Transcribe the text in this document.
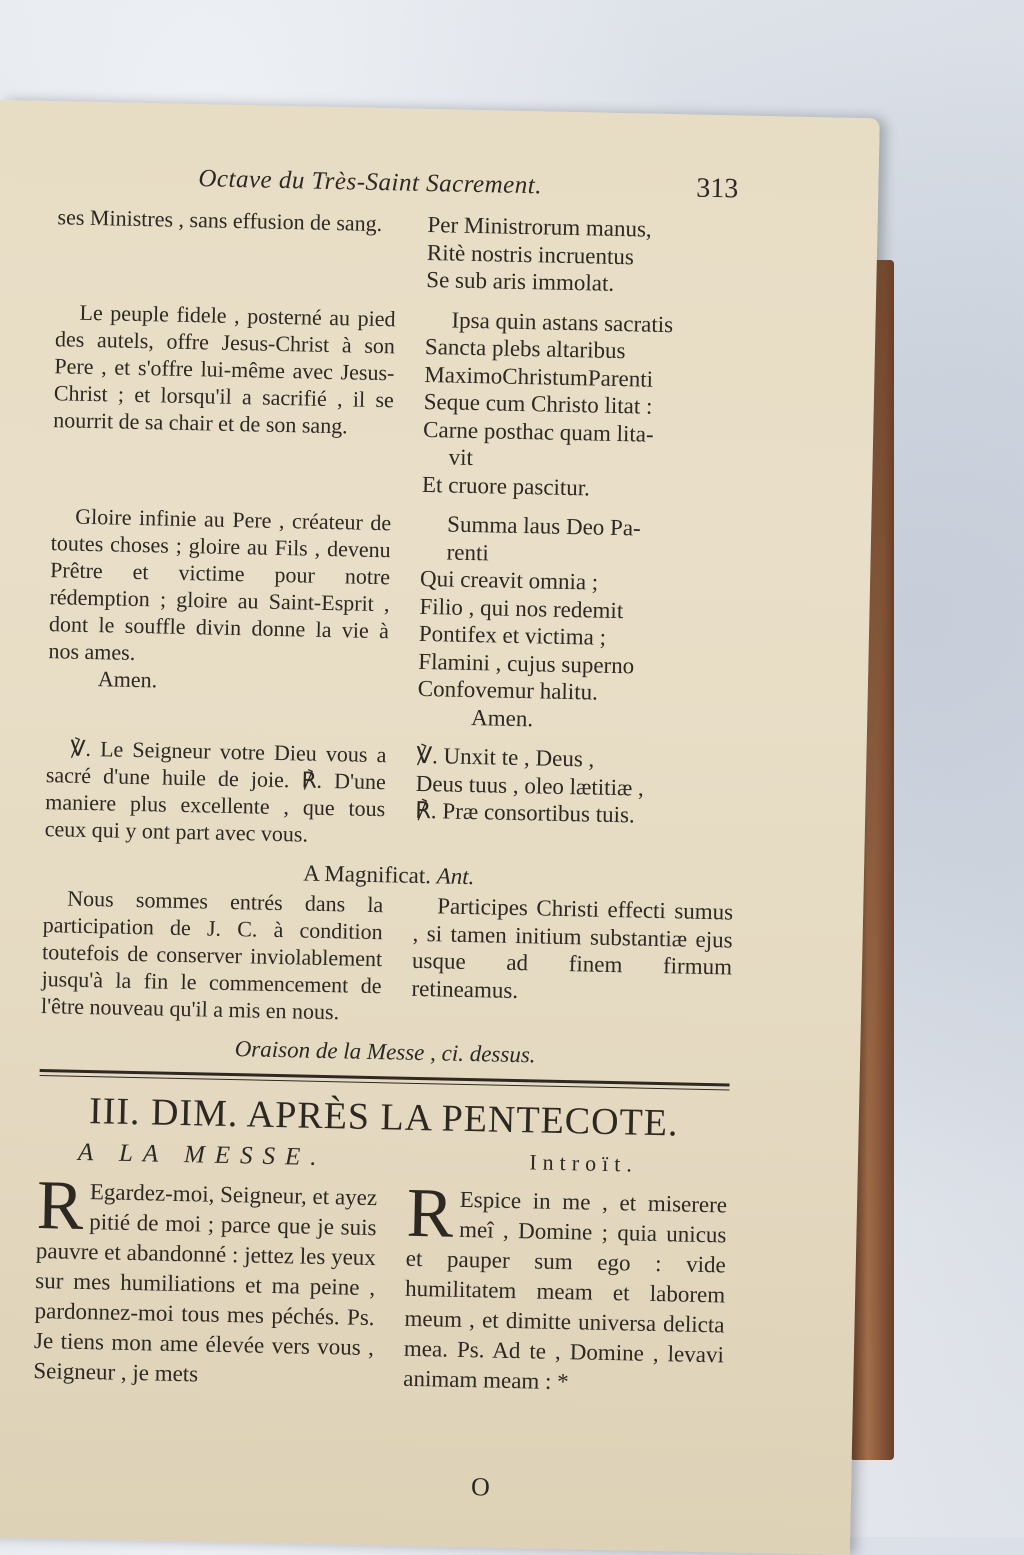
Octave du Très-Saint Sacrement.	313

ses Ministres , sans effusion de sang.	Per Ministrorum manus,
Ritè nostris incruentus
Se sub aris immolat.

Le peuple fidele , posterné au pied des autels, offre Jesus-Christ à son Pere , et s'offre lui-même avec Jesus-Christ ; et lorsqu'il a sacrifié , il se nourrit de sa chair et de son sang.

Ipsa quin astans sacratis
Sancta plebs altaribus
MaximoChristumParenti
Seque cum Christo litat :
Carne posthac quam lita-
vit
Et cruore pascitur.

Gloire infinie au Pere , créateur de toutes choses ; gloire au Fils , devenu Prêtre et victime pour notre rédemption ; gloire au Saint-Esprit , dont le souffle divin donne la vie à nos ames.

Amen.
Summa laus Deo Pa-
renti
Qui creavit omnia ;
Filio , qui nos redemit
Pontifex et victima ;
Flamini , cujus superno
Confovemur halitu.
Amen.

℣. Le Seigneur votre Dieu vous a sacré d'une huile de joie. ℟. D'une maniere plus excellente , que tous ceux qui y ont part avec vous.

℣. Unxit te , Deus ,
Deus tuus , oleo lætitiæ ,
℟. Præ consortibus tuis.
A Magnificat. Ant.

Nous sommes entrés dans la participation de J. C. à condition toutefois de conserver inviolablement jusqu'à la fin le commencement de l'être nouveau qu'il a mis en nous.

Participes Christi effecti sumus , si tamen initium substantiæ ejus usque ad finem firmum retineamus.

Oraison de la Messe , ci. dessus.
III. DIM. APRÈS LA PENTECOTE.
A LA MESSE.	Introït.
R Egardez-moi, Seigneur, et ayez pitié de moi ; parce que je suis pauvre et abandonné : jettez les yeux sur mes humiliations et ma peine , pardonnez-moi tous mes péchés. Ps. Je tiens mon ame élevée vers vous , Seigneur , je mets
R Espice in me , et miserere meî , Domine ; quia unicus et pauper sum ego : vide humilitatem meam et laborem meum , et dimitte universa delicta mea. Ps. Ad te , Domine , levavi animam meam : *
O
